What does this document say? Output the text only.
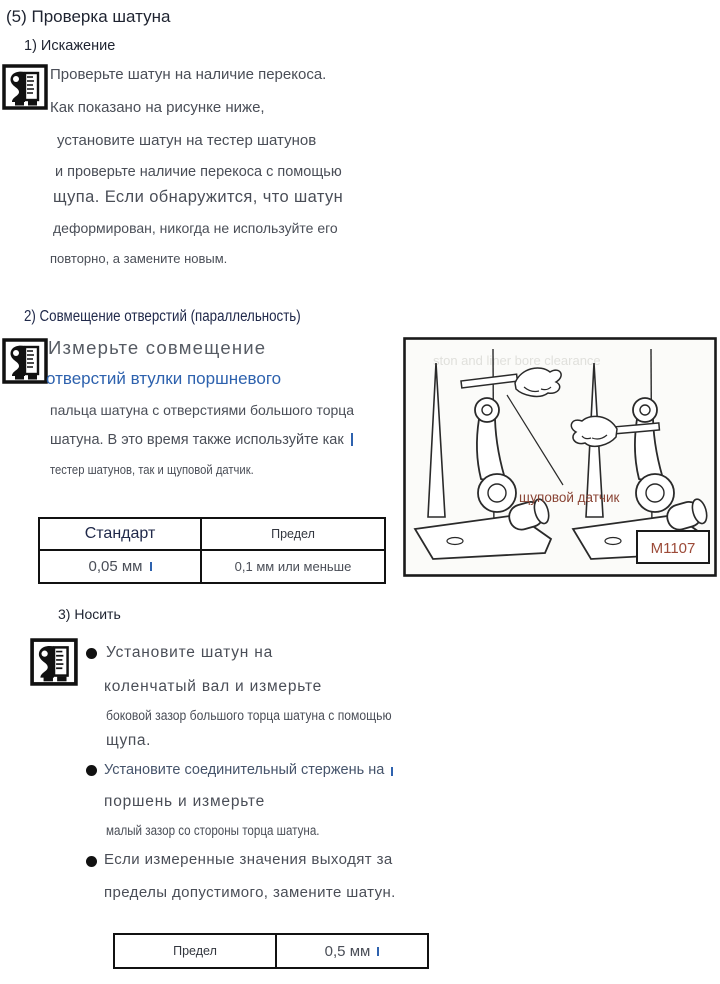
(5) Проверка шатуна
1) Искажение
Проверьте шатун на наличие перекоса.
Как показано на рисунке ниже,
установите шатун на тестер шатунов
и проверьте наличие перекоса с помощью
щупа. Если обнаружится, что шатун
деформирован, никогда не используйте его
повторно, а замените новым.
2) Совмещение отверстий (параллельность)
Измерьте совмещение
отверстий втулки поршневого
пальца шатуна с отверстиями большого торца
шатуна. В это время также используйте как
тестер шатунов, так и щуповой датчик.
Стандарт	Предел
0,05 мм	0,1 мм или меньше
ston and liner bore clearance
щуповой датчик
M1107
3) Носить
Установите шатун на
коленчатый вал и измерьте
боковой зазор большого торца шатуна с помощью
щупа.
Установите соединительный стержень на
поршень и измерьте
малый зазор со стороны торца шатуна.
Если измеренные значения выходят за
пределы допустимого, замените шатун.
Предел	0,5 мм
